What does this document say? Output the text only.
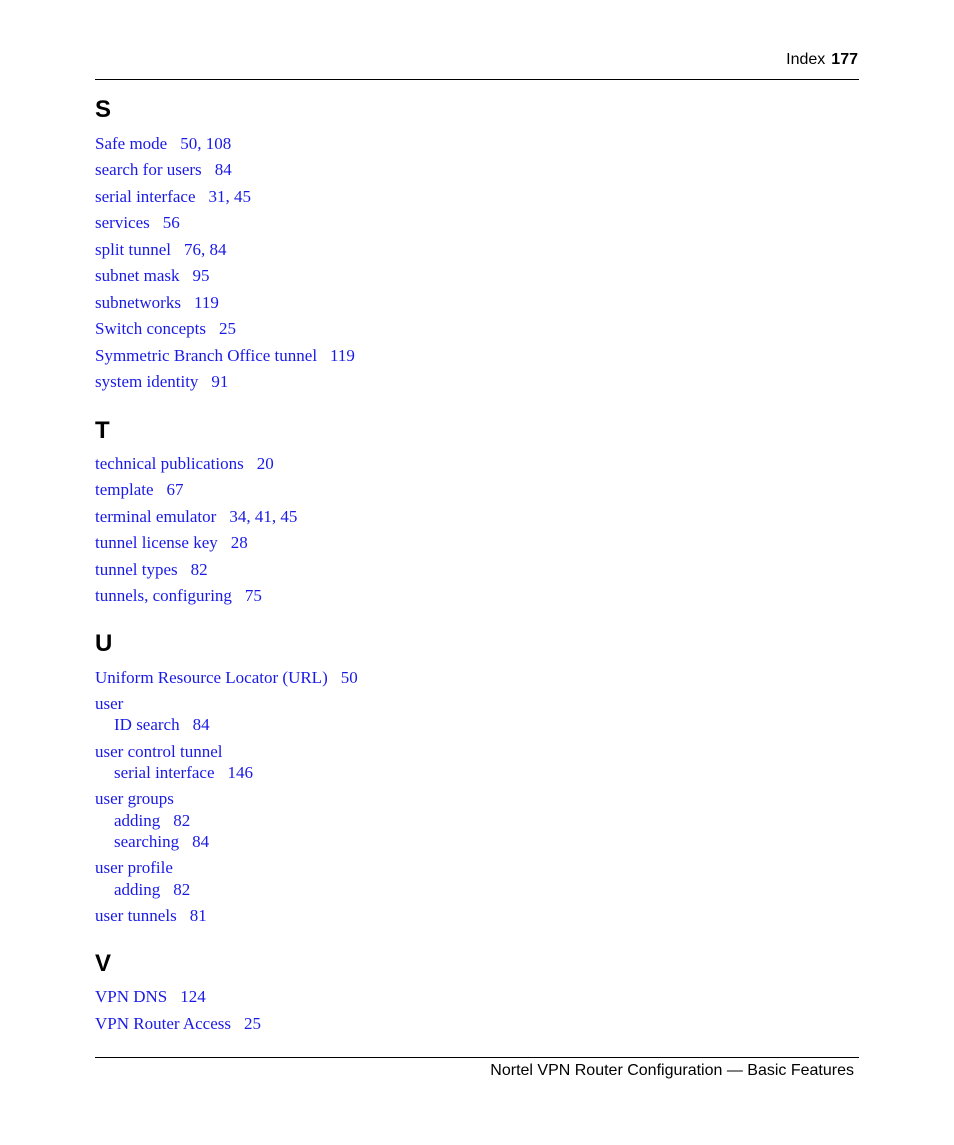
Index 177
S
Safe mode 50, 108
search for users 84
serial interface 31, 45
services 56
split tunnel 76, 84
subnet mask 95
subnetworks 119
Switch concepts 25
Symmetric Branch Office tunnel 119
system identity 91
T
technical publications 20
template 67
terminal emulator 34, 41, 45
tunnel license key 28
tunnel types 82
tunnels, configuring 75
U
Uniform Resource Locator (URL) 50
user
ID search 84
user control tunnel
serial interface 146
user groups
adding 82
searching 84
user profile
adding 82
user tunnels 81
V
VPN DNS 124
VPN Router Access 25
Nortel VPN Router Configuration — Basic Features
